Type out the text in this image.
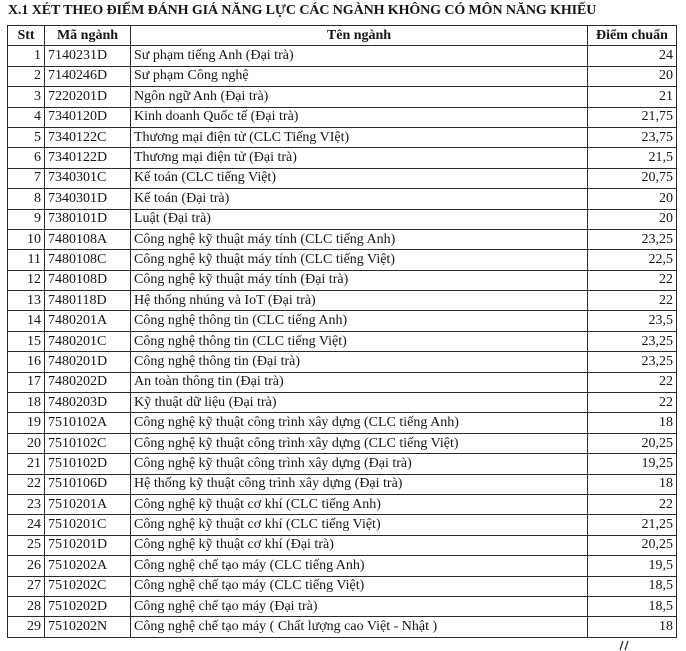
X.1 XÉT THEO ĐIỂM ĐÁNH GIÁ NĂNG LỰC CÁC NGÀNH KHÔNG CÓ MÔN NĂNG KHIẾU
Stt	Mã ngành	Tên ngành	Điểm chuẩn
1	7140231D	Sư phạm tiếng Anh (Đại trà)	24
2	7140246D	Sư phạm Công nghệ	20
3	7220201D	Ngôn ngữ Anh (Đại trà)	21
4	7340120D	Kinh doanh Quốc tế (Đại trà)	21,75
5	7340122C	Thương mại điện tử (CLC Tiếng VIệt)	23,75
6	7340122D	Thương mại điện tử (Đại trà)	21,5
7	7340301C	Kế toán (CLC tiếng Việt)	20,75
8	7340301D	Kế toán (Đại trà)	20
9	7380101D	Luật (Đại trà)	20
10	7480108A	Công nghệ kỹ thuật máy tính (CLC tiếng Anh)	23,25
11	7480108C	Công nghệ kỹ thuật máy tính (CLC tiếng Việt)	22,5
12	7480108D	Công nghệ kỹ thuật máy tính (Đại trà)	22
13	7480118D	Hệ thống nhúng và IoT (Đại trà)	22
14	7480201A	Công nghệ thông tin (CLC tiếng Anh)	23,5
15	7480201C	Công nghệ thông tin (CLC tiếng Việt)	23,25
16	7480201D	Công nghệ thông tin (Đại trà)	23,25
17	7480202D	An toàn thông tin (Đại trà)	22
18	7480203D	Kỹ thuật dữ liệu (Đại trà)	22
19	7510102A	Công nghệ kỹ thuật công trình xây dựng (CLC tiếng Anh)	18
20	7510102C	Công nghệ kỹ thuật công trình xây dựng (CLC tiếng Việt)	20,25
21	7510102D	Công nghệ kỹ thuật công trình xây dựng (Đại trà)	19,25
22	7510106D	Hệ thống kỹ thuật công trình xây dựng (Đại trà)	18
23	7510201A	Công nghệ kỹ thuật cơ khí (CLC tiếng Anh)	22
24	7510201C	Công nghệ kỹ thuật cơ khí (CLC tiếng Việt)	21,25
25	7510201D	Công nghệ kỹ thuật cơ khí (Đại trà)	20,25
26	7510202A	Công nghệ chế tạo máy (CLC tiếng Anh)	19,5
27	7510202C	Công nghệ chế tạo máy (CLC tiếng Việt)	18,5
28	7510202D	Công nghệ chế tạo máy (Đại trà)	18,5
29	7510202N	Công nghệ chế tạo máy ( Chất lượng cao Việt - Nhật )	18
